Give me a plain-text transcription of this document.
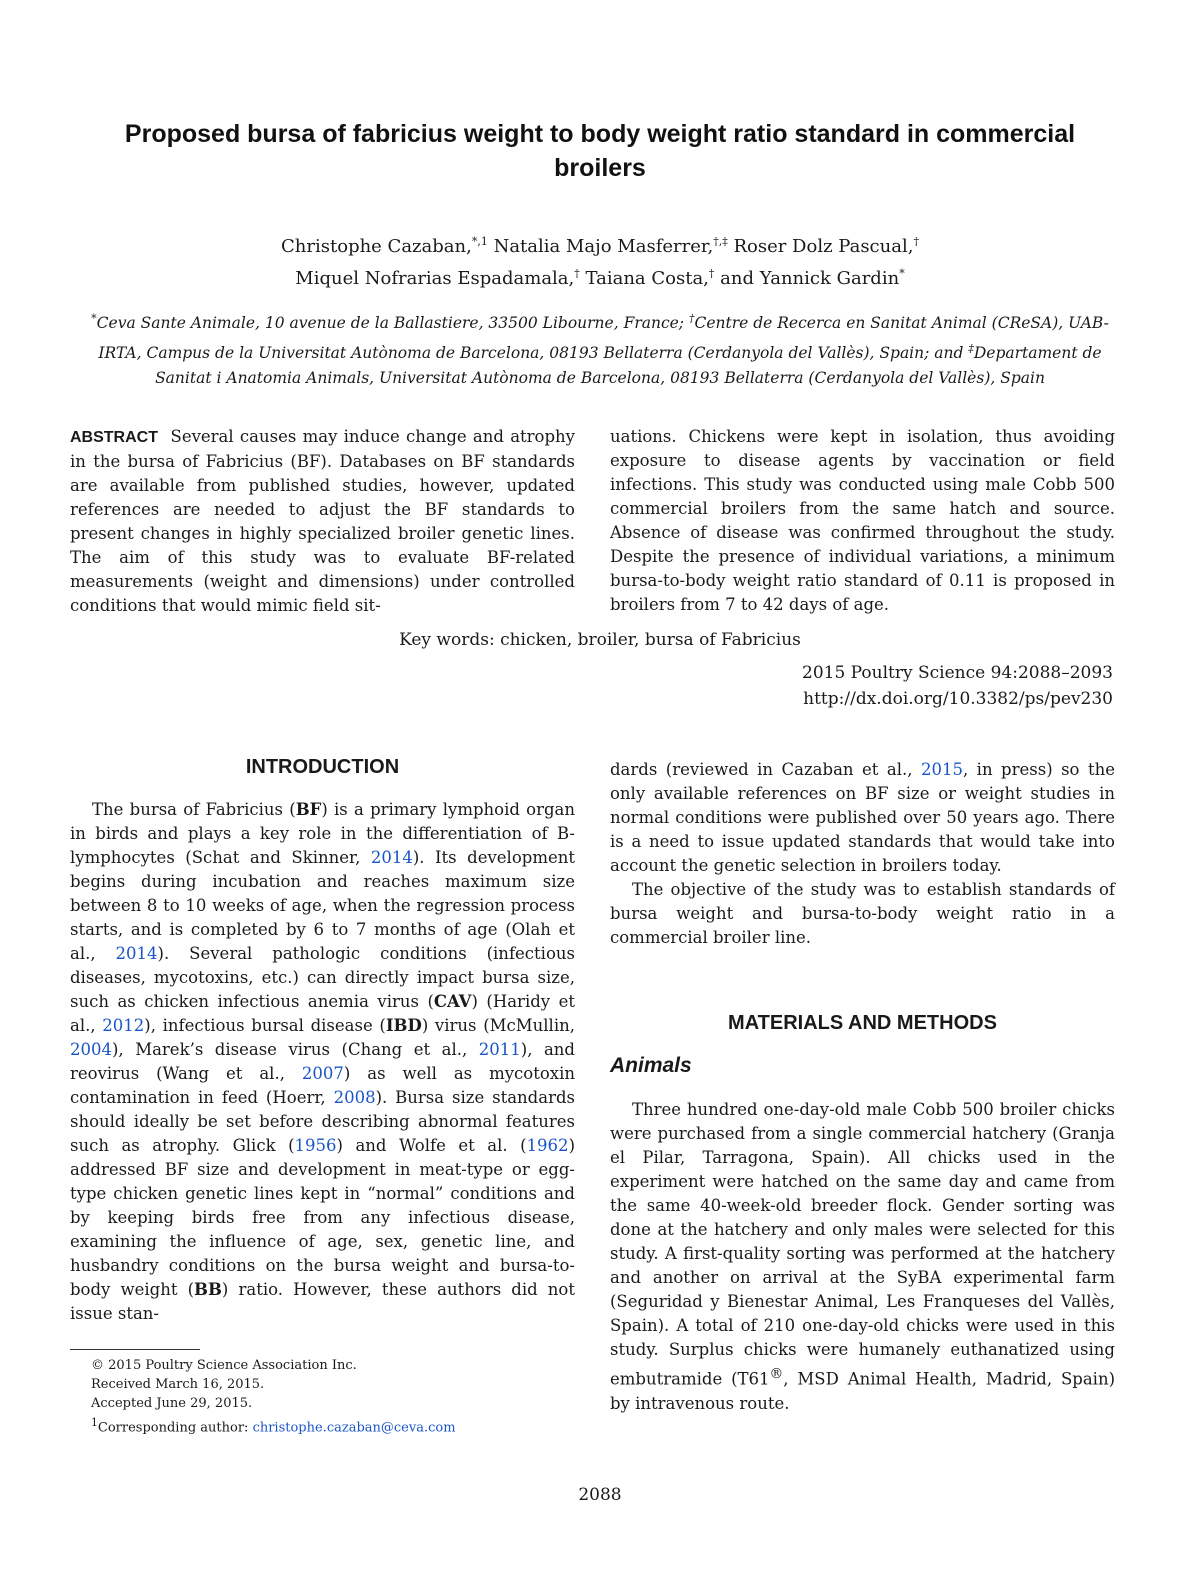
Proposed bursa of fabricius weight to body weight ratio standard in commercial broilers
Christophe Cazaban,$^{*,1}$ Natalia Majo Masferrer,†,‡ Roser Dolz Pascual,†
Miquel Nofrarias Espadamala,† Taiana Costa,† and Yannick Gardin*
*Ceva Sante Animale, 10 avenue de la Ballastiere, 33500 Libourne, France; †Centre de Recerca en Sanitat Animal (CReSA), UAB-IRTA, Campus de la Universitat Autònoma de Barcelona, 08193 Bellaterra (Cerdanyola del Vallès), Spain; and ‡Departament de Sanitat i Anatomia Animals, Universitat Autònoma de Barcelona, 08193 Bellaterra (Cerdanyola del Vallès), Spain

ABSTRACT Several causes may induce change and atrophy in the bursa of Fabricius (BF). Databases on BF standards are available from published studies, however, updated references are needed to adjust the BF standards to present changes in highly specialized broiler genetic lines. The aim of this study was to evaluate BF-related measurements (weight and dimensions) under controlled conditions that would mimic field sit-

uations. Chickens were kept in isolation, thus avoiding exposure to disease agents by vaccination or field infections. This study was conducted using male Cobb 500 commercial broilers from the same hatch and source. Absence of disease was confirmed throughout the study. Despite the presence of individual variations, a minimum bursa-to-body weight ratio standard of 0.11 is proposed in broilers from 7 to 42 days of age.

Key words: chicken, broiler, bursa of Fabricius
2015 Poultry Science 94:2088–2093
http://dx.doi.org/10.3382/ps/pev230
INTRODUCTION

The bursa of Fabricius (BF) is a primary lymphoid organ in birds and plays a key role in the differentiation of B-lymphocytes (Schat and Skinner, 2014). Its development begins during incubation and reaches maximum size between 8 to 10 weeks of age, when the regression process starts, and is completed by 6 to 7 months of age (Olah et al., 2014). Several pathologic conditions (infectious diseases, mycotoxins, etc.) can directly impact bursa size, such as chicken infectious anemia virus (CAV) (Haridy et al., 2012), infectious bursal disease (IBD) virus (McMullin, 2004), Marek’s disease virus (Chang et al., 2011), and reovirus (Wang et al., 2007) as well as mycotoxin contamination in feed (Hoerr, 2008). Bursa size standards should ideally be set before describing abnormal features such as atrophy. Glick (1956) and Wolfe et al. (1962) addressed BF size and development in meat-type or egg-type chicken genetic lines kept in “normal” conditions and by keeping birds free from any infectious disease, examining the influence of age, sex, genetic line, and husbandry conditions on the bursa weight and bursa-to-body weight (BB) ratio. However, these authors did not issue stan-

dards (reviewed in Cazaban et al., 2015, in press) so the only available references on BF size or weight studies in normal conditions were published over 50 years ago. There is a need to issue updated standards that would take into account the genetic selection in broilers today.

The objective of the study was to establish standards of bursa weight and bursa-to-body weight ratio in a commercial broiler line.

MATERIALS AND METHODS
Animals

Three hundred one-day-old male Cobb 500 broiler chicks were purchased from a single commercial hatchery (Granja el Pilar, Tarragona, Spain). All chicks used in the experiment were hatched on the same day and came from the same 40-week-old breeder flock. Gender sorting was done at the hatchery and only males were selected for this study. A first-quality sorting was performed at the hatchery and another on arrival at the SyBA experimental farm (Seguridad y Bienestar Animal, Les Franqueses del Vallès, Spain). A total of 210 one-day-old chicks were used in this study. Surplus chicks were humanely euthanatized using embutramide (T61®, MSD Animal Health, Madrid, Spain) by intravenous route.

© 2015 Poultry Science Association Inc.
Received March 16, 2015.
Accepted June 29, 2015.
$^1$Corresponding author: christophe.cazaban@ceva.com
2088
